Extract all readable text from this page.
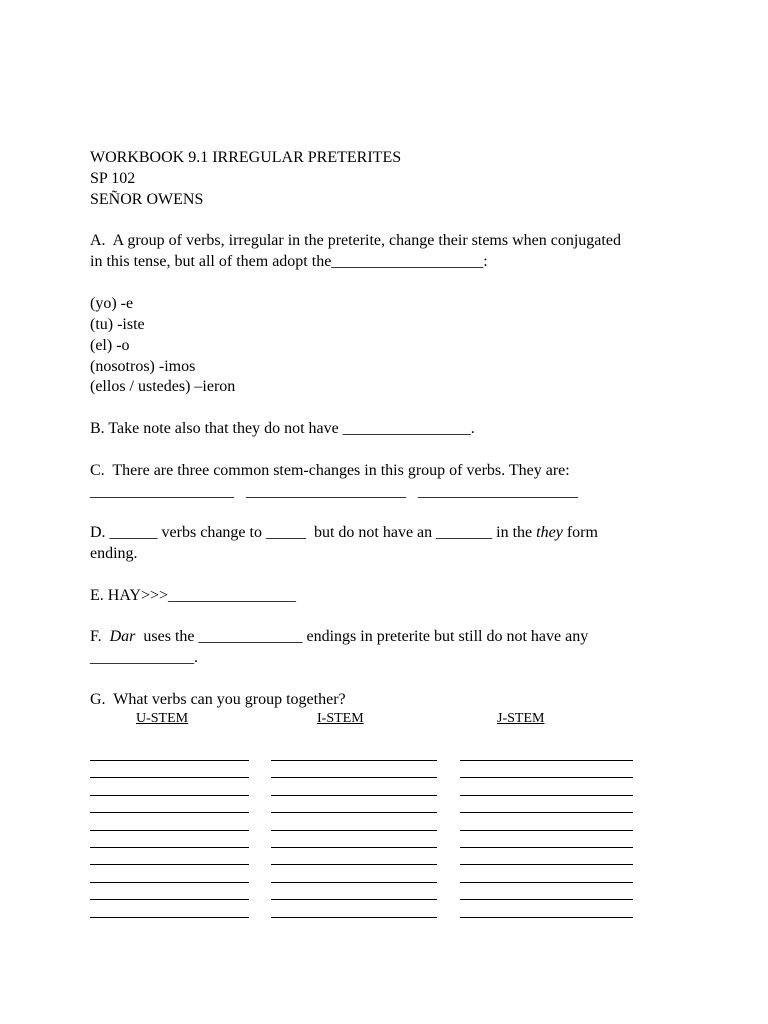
WORKBOOK 9.1 IRREGULAR PRETERITES
SP 102
SEÑOR OWENS
A.  A group of verbs, irregular in the preterite, change their stems when conjugated
in this tense, but all of them adopt the___________________:
(yo) -e
(tu) -iste
(el) -o
(nosotros) -imos
(ellos / ustedes) –ieron
B. Take note also that they do not have ________________.
C.  There are three common stem-changes in this group of verbs. They are:
__________________   ____________________   ____________________
D. ______ verbs change to _____  but do not have an _______ in the they form
ending.
E. HAY>>>________________
F.  Dar  uses the _____________ endings in preterite but still do not have any
_____________.
G.  What verbs can you group together?
U-STEM	I-STEM	J-STEM
